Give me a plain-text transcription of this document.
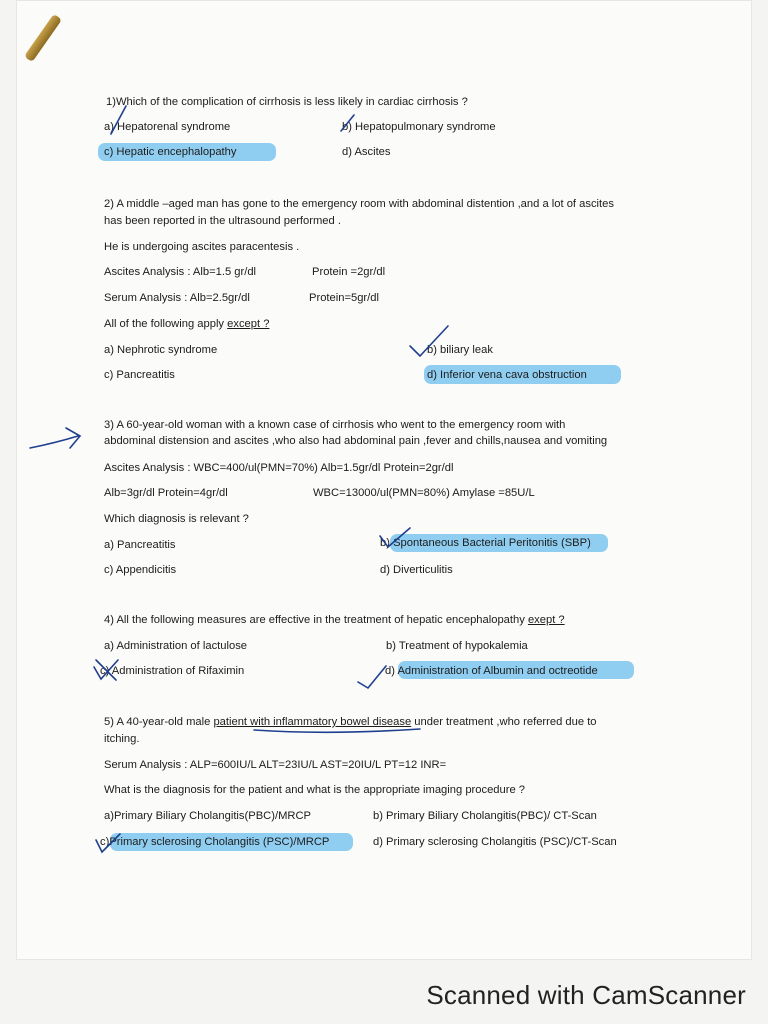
1)Which of the complication of cirrhosis is less likely in cardiac cirrhosis ?
a) Hepatorenal syndrome	b) Hepatopulmonary syndrome
c) Hepatic encephalopathy	d) Ascites
2) A middle –aged man has gone to the emergency room with abdominal distention ,and a lot of ascites
has been reported in the ultrasound performed .
He is undergoing ascites paracentesis .
Ascites Analysis : Alb=1.5 gr/dl	Protein =2gr/dl
Serum Analysis : Alb=2.5gr/dl	Protein=5gr/dl
All of the following apply except ?
a) Nephrotic syndrome	b) biliary leak
c) Pancreatitis	d) Inferior vena cava obstruction
3) A 60-year-old woman with a known case of cirrhosis who went to the emergency room with
abdominal distension and ascites ,who also had abdominal pain ,fever and chills,nausea and vomiting
Ascites Analysis : WBC=400/ul(PMN=70%) Alb=1.5gr/dl Protein=2gr/dl
Alb=3gr/dl Protein=4gr/dl	WBC=13000/ul(PMN=80%) Amylase =85U/L
Which diagnosis is relevant ?
a) Pancreatitis	b) Spontaneous Bacterial Peritonitis (SBP)
c) Appendicitis	d) Diverticulitis
4) All the following measures are effective in the treatment of hepatic encephalopathy exept ?
a) Administration of lactulose	b) Treatment of hypokalemia
c) Administration of Rifaximin	d) Administration of Albumin and octreotide
5) A 40-year-old male patient with inflammatory bowel disease under treatment ,who referred due to
itching.
Serum Analysis : ALP=600IU/L ALT=23IU/L AST=20IU/L PT=12 INR=
What is the diagnosis for the patient and what is the appropriate imaging procedure ?
a)Primary Biliary Cholangitis(PBC)/MRCP	b) Primary Biliary Cholangitis(PBC)/ CT-Scan
c)Primary sclerosing Cholangitis (PSC)/MRCP	d) Primary sclerosing Cholangitis (PSC)/CT-Scan
Scanned with CamScanner
